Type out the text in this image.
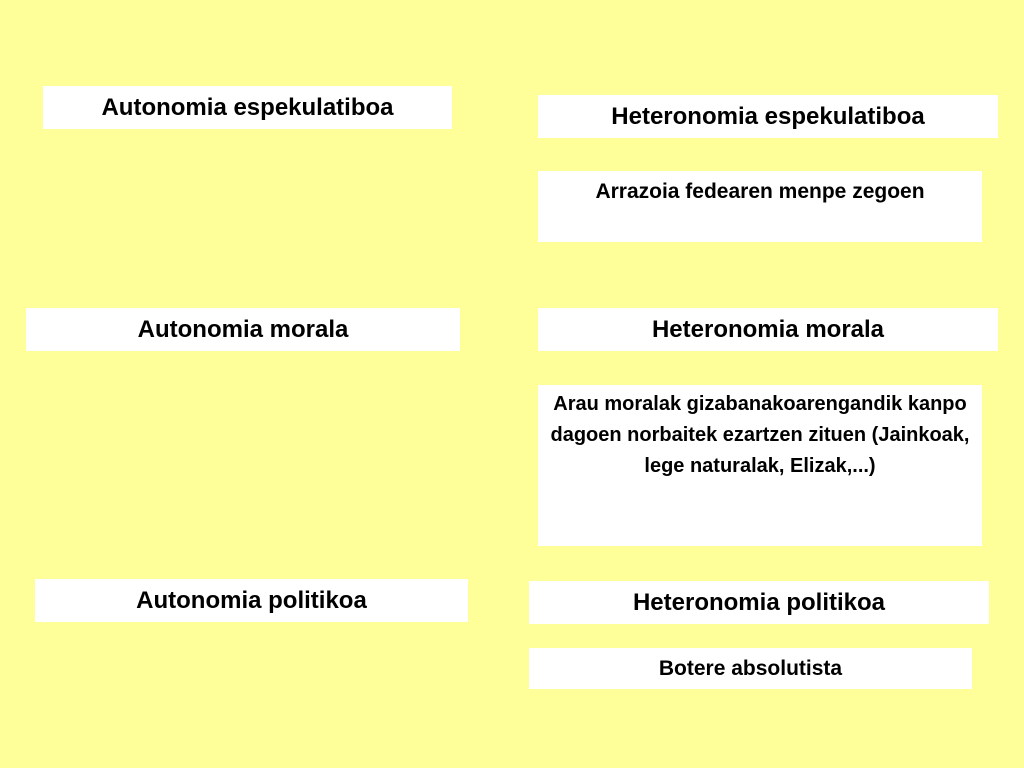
Autonomia espekulatiboa	Heteronomia espekulatiboa
Arrazoia fedearen menpe zegoen
Autonomia morala	Heteronomia morala
Arau moralak gizabanakoarengandik kanpo dagoen norbaitek ezartzen zituen (Jainkoak, lege naturalak, Elizak,...)
Autonomia politikoa	Heteronomia politikoa
Botere absolutista
